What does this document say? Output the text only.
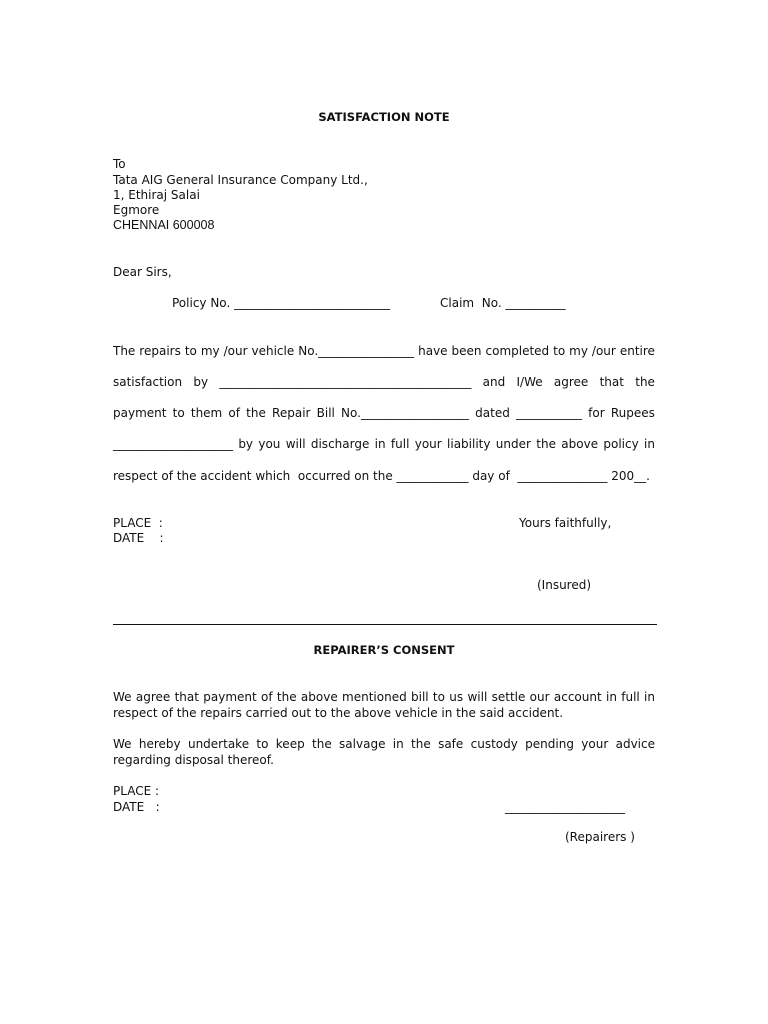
SATISFACTION NOTE
To
Tata AIG General Insurance Company Ltd.,
1, Ethiraj Salai
Egmore
CHENNAI 600008
Dear Sirs,
Policy No. __________________________	Claim  No. __________
The repairs to my /our vehicle No.________________ have been completed to my /our entire
satisfaction by __________________________________________ and I/We agree that the
payment to them of the Repair Bill No.__________________ dated ___________ for Rupees
____________________ by you will discharge in full your liability under the above policy in
respect of the accident which  occurred on the ____________ day of  _______________ 200__.
PLACE  :
DATE    :
Yours faithfully,
(Insured)
REPAIRER’S CONSENT
We agree that payment of the above mentioned bill to us will settle our account in full in respect of the repairs carried out to the above vehicle in the said accident.
We hereby undertake to keep the salvage in the safe custody pending your advice regarding disposal thereof.
PLACE :
DATE   :	____________________
(Repairers )
